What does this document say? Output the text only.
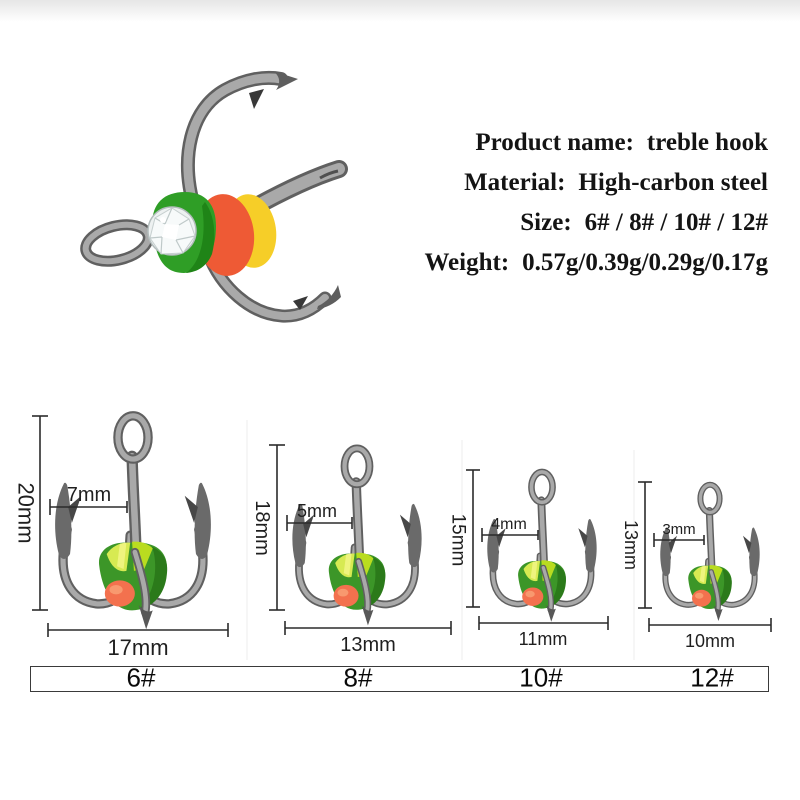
20mm 7mm
17mm
18mm 5mm
13mm
15mm 4mm
11mm
13mm 3mm
10mm
Product name: treble hook
Material: High-carbon steel
Size: 6# / 8# / 10# / 12#
Weight: 0.57g/0.39g/0.29g/0.17g
6#	8#	10#	12#
